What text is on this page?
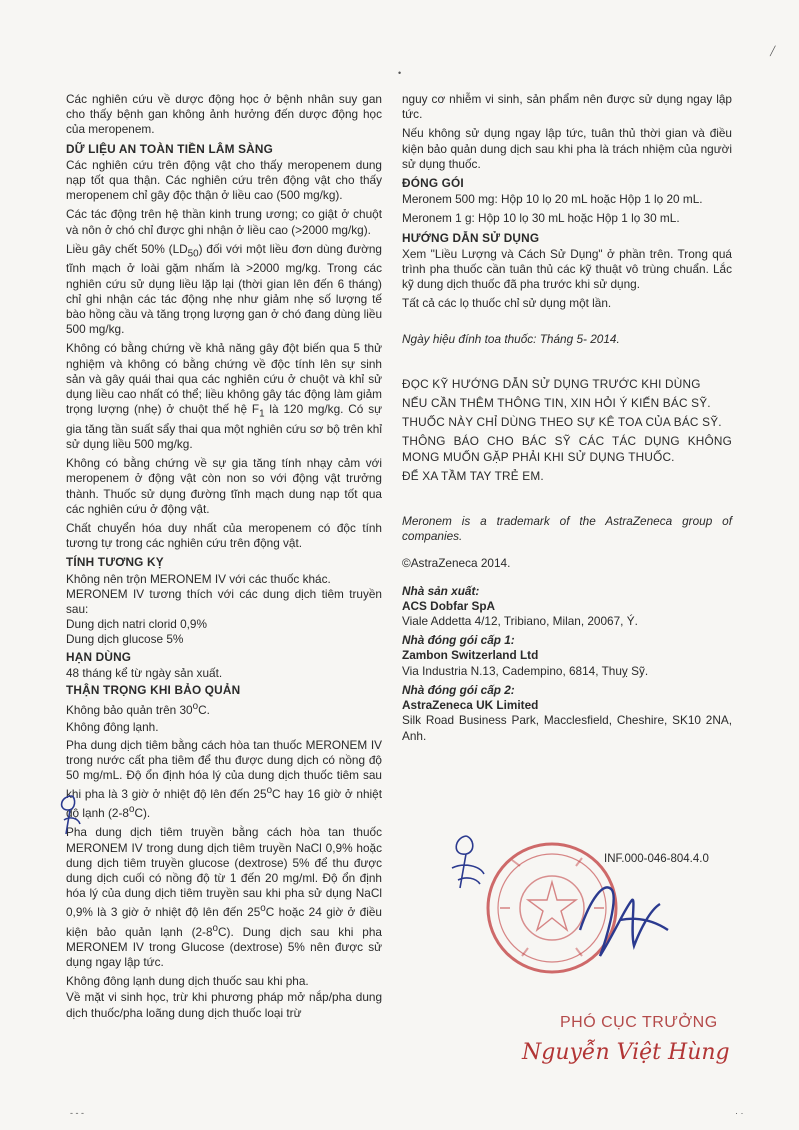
•
╱

Các nghiên cứu về dược động học ở bệnh nhân suy gan cho thấy bệnh gan không ảnh hưởng đến dược động học của meropenem.

DỮ LIỆU AN TOÀN TIỀN LÂM SÀNG

Các nghiên cứu trên động vật cho thấy meropenem dung nạp tốt qua thận. Các nghiên cứu trên động vật cho thấy meropenem chỉ gây độc thận ở liều cao (500 mg/kg).

Các tác động trên hệ thần kinh trung ương; co giật ở chuột và nôn ở chó chỉ được ghi nhận ở liều cao (>2000 mg/kg).

Liều gây chết 50% $(LD_{50})$ đối với một liều đơn dùng đường tĩnh mạch ở loài gặm nhấm là >2000 mg/kg. Trong các nghiên cứu sử dụng liều lặp lại (thời gian lên đến 6 tháng) chỉ ghi nhận các tác động nhẹ như giảm nhẹ số lượng tế bào hồng cầu và tăng trọng lượng gan ở chó đang dùng liều 500 mg/kg.

Không có bằng chứng về khả năng gây đột biến qua 5 thử nghiệm và không có bằng chứng về độc tính lên sự sinh sản và gây quái thai qua các nghiên cứu ở chuột và khỉ sử dụng liều cao nhất có thể; liều không gây tác động làm giảm trọng lượng (nhẹ) ở chuột thế hệ $F_1$ là 120 mg/kg. Có sự gia tăng tần suất sẩy thai qua một nghiên cứu sơ bộ trên khỉ sử dụng liều 500 mg/kg.

Không có bằng chứng về sự gia tăng tính nhạy cảm với meropenem ở động vật còn non so với động vật trưởng thành. Thuốc sử dụng đường tĩnh mạch dung nạp tốt qua các nghiên cứu ở động vật.

Chất chuyển hóa duy nhất của meropenem có độc tính tương tự trong các nghiên cứu trên động vật.

TÍNH TƯƠNG KỴ

Không nên trộn MERONEM IV với các thuốc khác.

MERONEM IV tương thích với các dung dịch tiêm truyền sau:

Dung dịch natri clorid 0,9%

Dung dịch glucose 5%

HẠN DÙNG

48 tháng kể từ ngày sản xuất.

THẬN TRỌNG KHI BẢO QUẢN

Không bảo quản trên 30$^o$C.

Không đông lạnh.

Pha dung dịch tiêm bằng cách hòa tan thuốc MERONEM IV trong nước cất pha tiêm để thu được dung dịch có nồng độ 50 mg/mL. Độ ổn định hóa lý của dung dịch thuốc tiêm sau khi pha là 3 giờ ở nhiệt độ lên đến 25$^o$C hay 16 giờ ở nhiệt độ lạnh (2-8$^o$C).

Pha dung dịch tiêm truyền bằng cách hòa tan thuốc MERONEM IV trong dung dịch tiêm truyền NaCl 0,9% hoặc dung dịch tiêm truyền glucose (dextrose) 5% để thu được dung dịch cuối có nồng độ từ 1 đến 20 mg/ml. Độ ổn định hóa lý của dung dịch tiêm truyền sau khi pha sử dụng NaCl 0,9% là 3 giờ ở nhiệt độ lên đến 25$^o$C hoặc 24 giờ ở điều kiện bảo quản lạnh (2-8$^o$C). Dung dịch sau khi pha MERONEM IV trong Glucose (dextrose) 5% nên được sử dụng ngay lập tức.

Không đông lạnh dung dịch thuốc sau khi pha.

Về mặt vi sinh học, trừ khi phương pháp mở nắp/pha dung dịch thuốc/pha loãng dung dịch thuốc loại trừ

nguy cơ nhiễm vi sinh, sản phẩm nên được sử dụng ngay lập tức.

Nếu không sử dụng ngay lập tức, tuân thủ thời gian và điều kiện bảo quản dung dịch sau khi pha là trách nhiệm của người sử dụng thuốc.

ĐÓNG GÓI

Meronem 500 mg: Hộp 10 lọ 20 mL hoặc Hộp 1 lọ 20 mL.

Meronem 1 g: Hộp 10 lọ 30 mL hoặc Hộp 1 lọ 30 mL.

HƯỚNG DẪN SỬ DỤNG

Xem "Liều Lượng và Cách Sử Dụng" ở phần trên. Trong quá trình pha thuốc cần tuân thủ các kỹ thuật vô trùng chuẩn. Lắc kỹ dung dịch thuốc đã pha trước khi sử dụng.

Tất cả các lọ thuốc chỉ sử dụng một lần.

Ngày hiệu đính toa thuốc: Tháng 5- 2014.

ĐỌC KỸ HƯỚNG DẪN SỬ DỤNG TRƯỚC KHI DÙNG

NẾU CẦN THÊM THÔNG TIN, XIN HỎI Ý KIẾN BÁC SỸ.

THUỐC NÀY CHỈ DÙNG THEO SỰ KÊ TOA CỦA BÁC SỸ.

THÔNG BÁO CHO BÁC SỸ CÁC TÁC DỤNG KHÔNG MONG MUỐN GẶP PHẢI KHI SỬ DỤNG THUỐC.

ĐỂ XA TẦM TAY TRẺ EM.

Meronem is a trademark of the AstraZeneca group of companies.

©AstraZeneca 2014.

Nhà sản xuất:
ACS Dobfar SpA

Viale Addetta 4/12, Tribiano, Milan, 20067, Ý.

Nhà đóng gói cấp 1:
Zambon Switzerland Ltd

Via Industria N.13, Cadempino, 6814, Thuỵ Sỹ.

Nhà đóng gói cấp 2:
AstraZeneca UK Limited

Silk Road Business Park, Macclesfield, Cheshire, SK10 2NA, Anh.

INF.000-046-804.4.0
PHÓ CỤC TRƯỞNG
Nguyễn Việt Hùng
- - -	· ·
